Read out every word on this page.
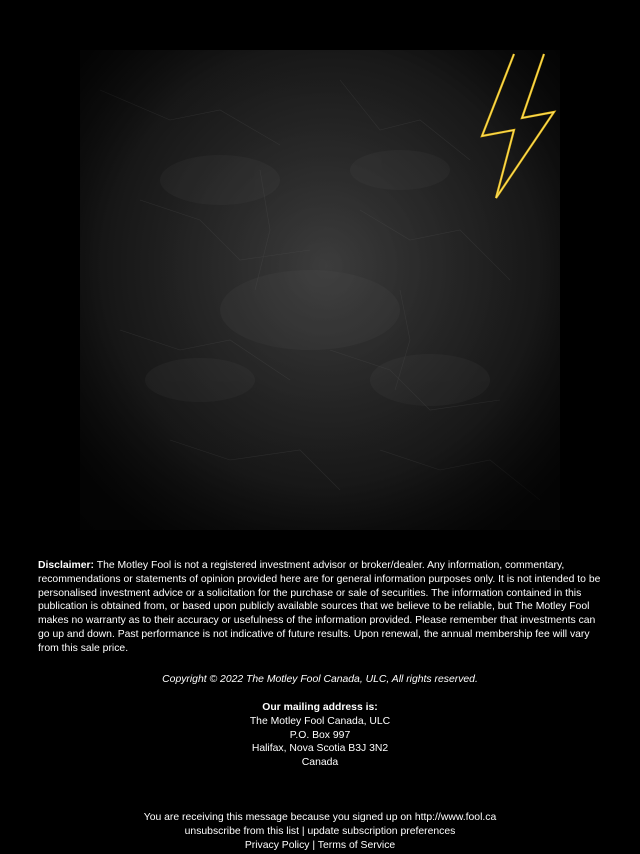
Disclaimer: The Motley Fool is not a registered investment advisor or broker/dealer. Any information, commentary, recommendations or statements of opinion provided here are for general information purposes only. It is not intended to be personalised investment advice or a solicitation for the purchase or sale of securities. The information contained in this publication is obtained from, or based upon publicly available sources that we believe to be reliable, but The Motley Fool makes no warranty as to their accuracy or usefulness of the information provided. Please remember that investments can go up and down. Past performance is not indicative of future results. Upon renewal, the annual membership fee will vary from this sale price.
Copyright © 2022 The Motley Fool Canada, ULC, All rights reserved.
Our mailing address is:
The Motley Fool Canada, ULC
P.O. Box 997
Halifax, Nova Scotia B3J 3N2
Canada
You are receiving this message because you signed up on http://www.fool.ca
unsubscribe from this list | update subscription preferences
Privacy Policy | Terms of Service
